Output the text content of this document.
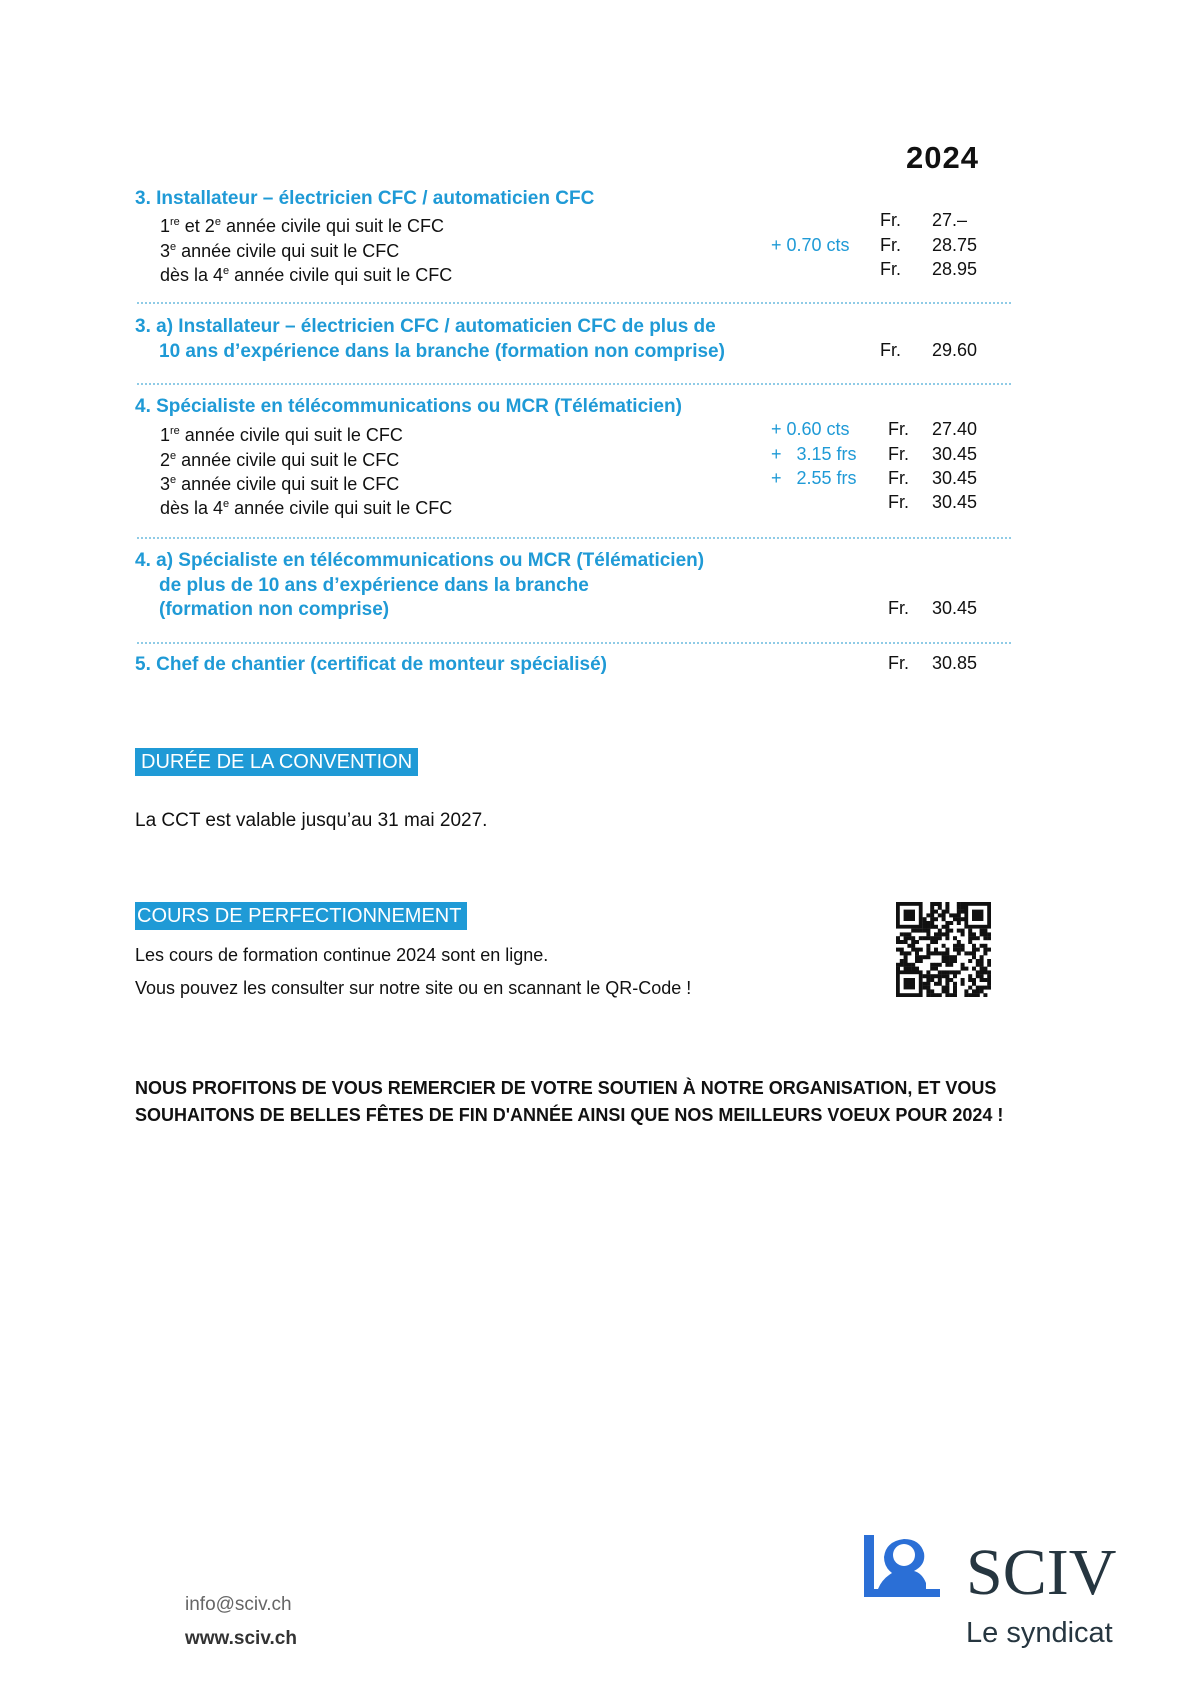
2024
3. Installateur – électricien CFC / automaticien CFC
1re et 2e année civile qui suit le CFC	Fr. 27.–
3e année civile qui suit le CFC	+ 0.70 cts Fr. 28.75
dès la 4e année civile qui suit le CFC	Fr. 28.95
3. a) Installateur – électricien CFC / automaticien CFC de plus de
10 ans d’expérience dans la branche (formation non comprise)	Fr. 29.60
4. Spécialiste en télécommunications ou MCR (Télématicien)
1re année civile qui suit le CFC	+ 0.60 cts Fr. 27.40
2e année civile qui suit le CFC	+   3.15 frs Fr. 30.45
3e année civile qui suit le CFC	+   2.55 frs Fr. 30.45
dès la 4e année civile qui suit le CFC	Fr. 30.45
4. a) Spécialiste en télécommunications ou MCR (Télématicien)
de plus de 10 ans d’expérience dans la branche
(formation non comprise)	Fr. 30.45
5. Chef de chantier (certificat de monteur spécialisé)	Fr. 30.85
DURÉE DE LA CONVENTION
La CCT est valable jusqu’au 31 mai 2027.
COURS DE PERFECTIONNEMENT
Les cours de formation continue 2024 sont en ligne.
Vous pouvez les consulter sur notre site ou en scannant le QR-Code !
NOUS PROFITONS DE VOUS REMERCIER DE VOTRE SOUTIEN À NOTRE ORGANISATION, ET VOUS
SOUHAITONS DE BELLES FÊTES DE FIN D'ANNÉE AINSI QUE NOS MEILLEURS VOEUX POUR 2024 !
info@sciv.ch
www.sciv.ch
SCIV
Le syndicat
